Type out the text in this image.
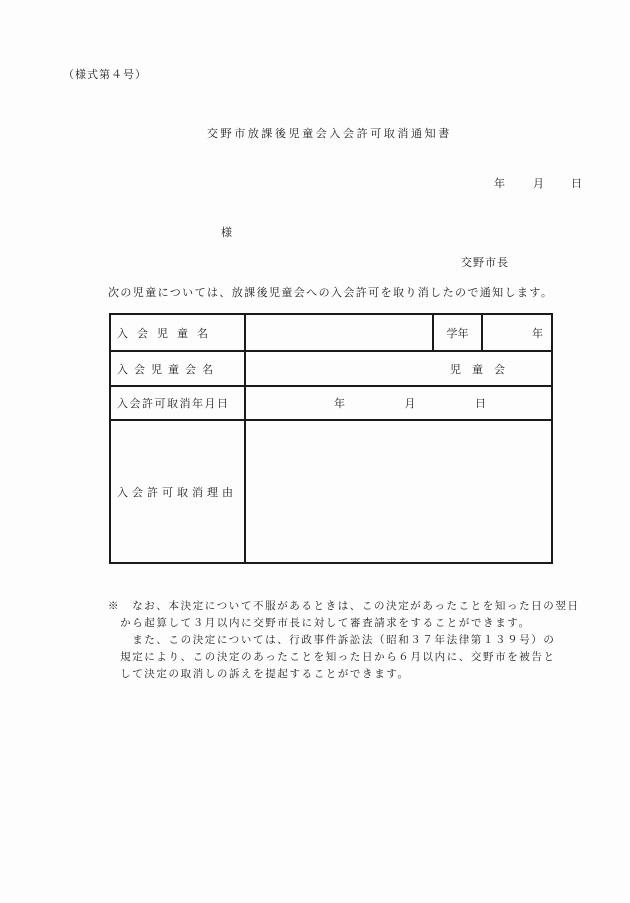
（様式第４号）
交野市放課後児童会入会許可取消通知書
年	月 日
様
交野市長
次の児童については、放課後児童会への入会許可を取り消したので通知します。
入会児童名		学年	年
入会児童会名	児　童　会		
入会許可取消年月日	年 月 日		
入会許可取消理由			
※　なお、本決定について不服があるときは、この決定があったことを知った日の翌日
　から起算して３月以内に交野市長に対して審査請求をすることができます。
　　また、この決定については、行政事件訴訟法（昭和３７年法律第１３９号）の
　規定により、この決定のあったことを知った日から６月以内に、交野市を被告と
　して決定の取消しの訴えを提起することができます。
